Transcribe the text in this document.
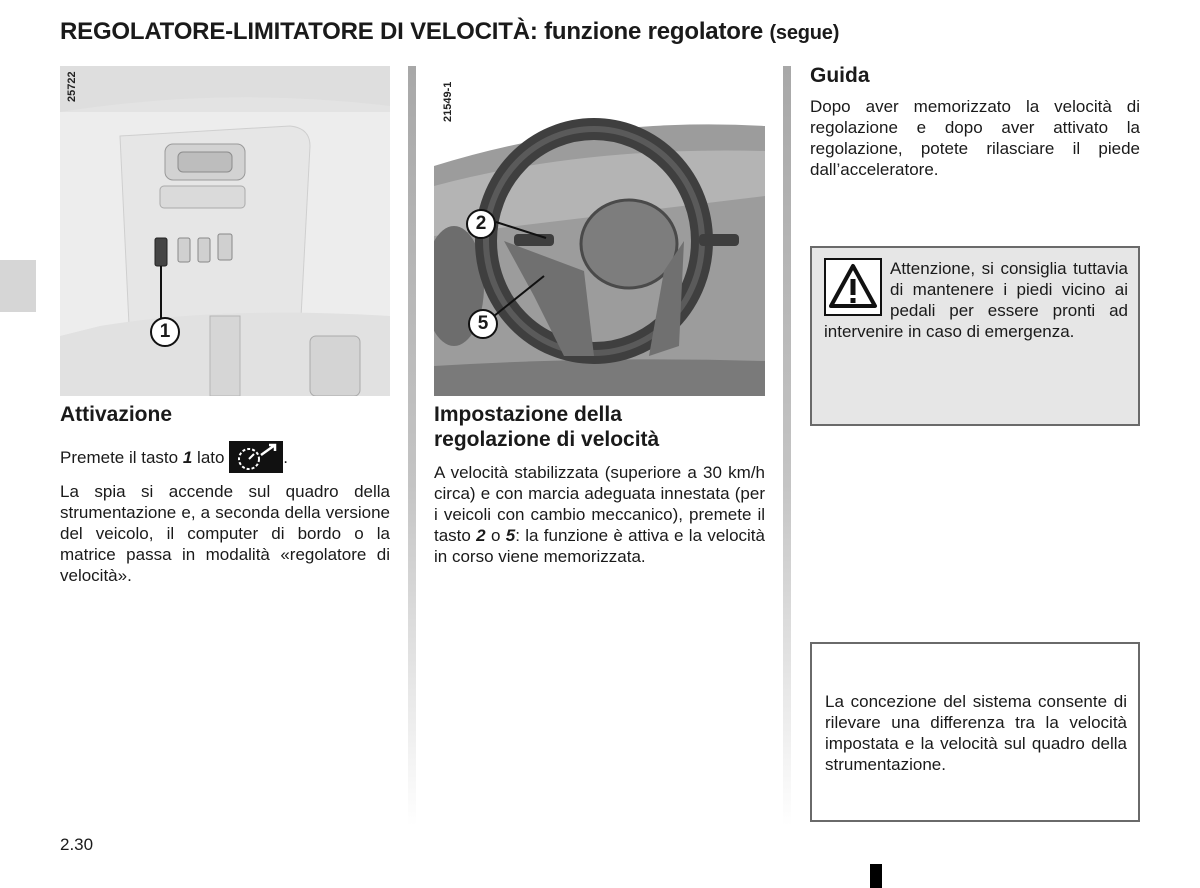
REGOLATORE-LIMITATORE DI VELOCITÀ: funzione regolatore (segue)
25722
1
21549-1
2
5
Attivazione
Premete il tasto 1 lato	.

La spia si accende sul quadro della strumentazione e, a seconda della versione del veicolo, il computer di bordo o la matrice passa in modalità «regolatore di velocità».

Impostazione della
regolazione di velocità

A velocità stabilizzata (superiore a 30 km/h circa) e con marcia adeguata innestata (per i veicoli con cambio meccanico), premete il tasto 2 o 5: la funzione è attiva e la velocità in corso viene memorizzata.

Guida

Dopo aver memorizzato la velocità di regolazione e dopo aver attivato la regolazione, potete rilasciare il piede dall’acceleratore.

Attenzione, si consiglia tuttavia di mantenere i piedi vicino ai pedali per essere pronti ad intervenire in caso di emergenza.

La concezione del sistema consente di rilevare una differenza tra la velocità impostata e la velocità sul quadro della strumentazione.

2.30
